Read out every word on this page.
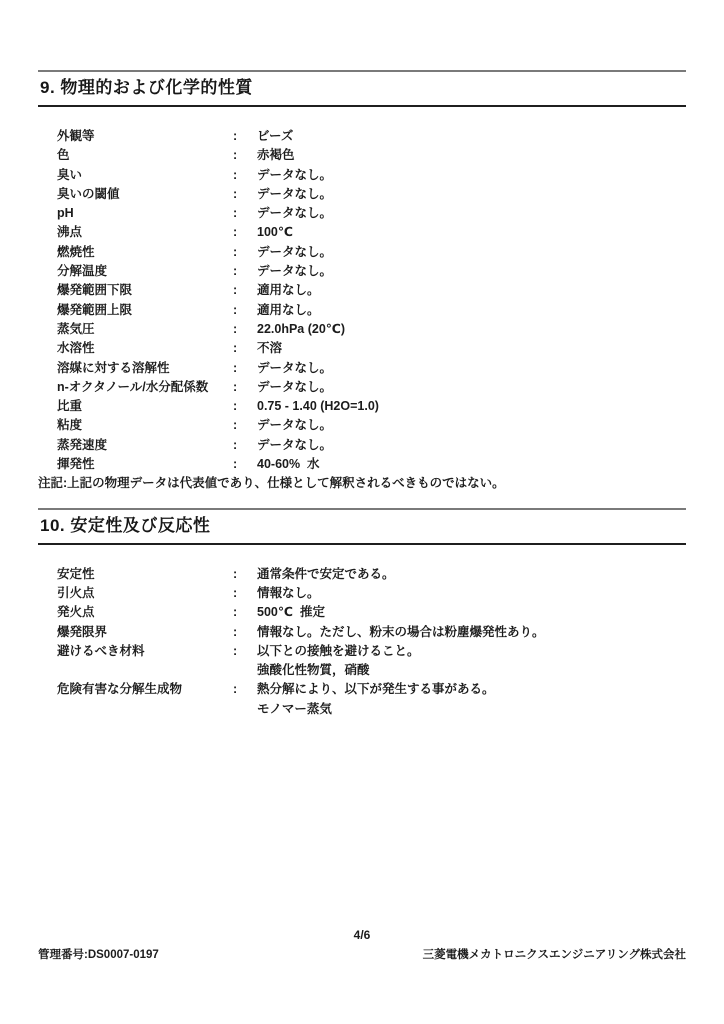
9. 物理的および化学的性質
外観等	:	ビーズ
色	:	赤褐色
臭い	:	データなし。
臭いの閾値	:	データなし。
pH	:	データなし。
沸点	:	100℃
燃焼性	:	データなし。
分解温度	:	データなし。
爆発範囲下限	:	適用なし。
爆発範囲上限	:	適用なし。
蒸気圧	:	22.0hPa (20℃)
水溶性	:	不溶
溶媒に対する溶解性	:	データなし。
n-オクタノール/水分配係数	:	データなし。
比重	:	0.75 - 1.40 (H2O=1.0)
粘度	:	データなし。
蒸発速度	:	データなし。
揮発性	:	40-60%  水
注記:上記の物理データは代表値であり、仕様として解釈されるべきものではない。
10. 安定性及び反応性
安定性	:	通常条件で安定である。
引火点	:	情報なし。
発火点	:	500℃  推定
爆発限界	:	情報なし。ただし、粉末の場合は粉塵爆発性あり。
避けるべき材料	:	以下との接触を避けること。
強酸化性物質，硝酸
危険有害な分解生成物	:	熱分解により、以下が発生する事がある。
モノマー蒸気
4/6
管理番号:DS0007-0197	三菱電機メカトロニクスエンジニアリング株式会社
